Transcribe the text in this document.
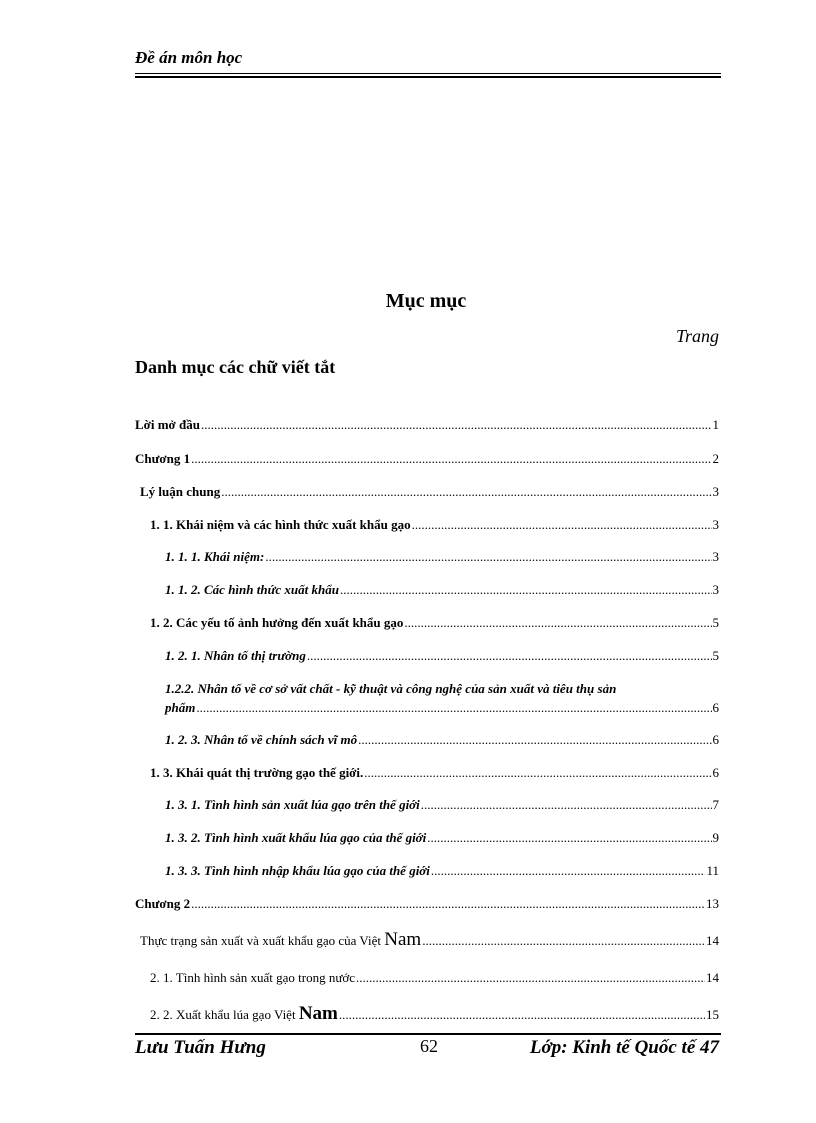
Đề án môn học
Mục mục
Trang
Danh mục các chữ viết tắt
Lời mở đầu .....	1
Chương 1 .....	2
Lý luận chung .....	3
1. 1. Khái niệm và các hình thức xuất khẩu gạo .....	3
1. 1. 1. Khái niệm: .....	3
1. 1. 2. Các hình thức xuất khẩu .....	3
1. 2. Các yếu tố ảnh hưởng đến xuất khẩu gạo .....	5
1. 2. 1. Nhân tố thị trường .....	5
1.2.2. Nhân tố về cơ sở vất chất - kỹ thuật và công nghệ của sản xuất và tiêu thụ sản
phẩm .....	6
1. 2. 3. Nhân tố về chính sách vĩ mô .....	6
1. 3. Khái quát thị trường gạo thế giới. .....	6
1. 3. 1. Tình hình sản xuất lúa gạo trên thế giới .....	7
1. 3. 2. Tình hình xuất khẩu lúa gạo của thế giới .....	9
1. 3. 3. Tình hình nhập khẩu lúa gạo của thế giới .....	11
Chương 2 .....	13
Thực trạng sản xuất và xuất khẩu gạo của Việt Nam .....	14
2. 1. Tình hình sản xuất gạo trong nước .....	14
2. 2. Xuất khẩu lúa gạo Việt Nam .....	15
Lưu Tuấn Hưng	62	Lớp: Kinh tế Quốc tế 47
